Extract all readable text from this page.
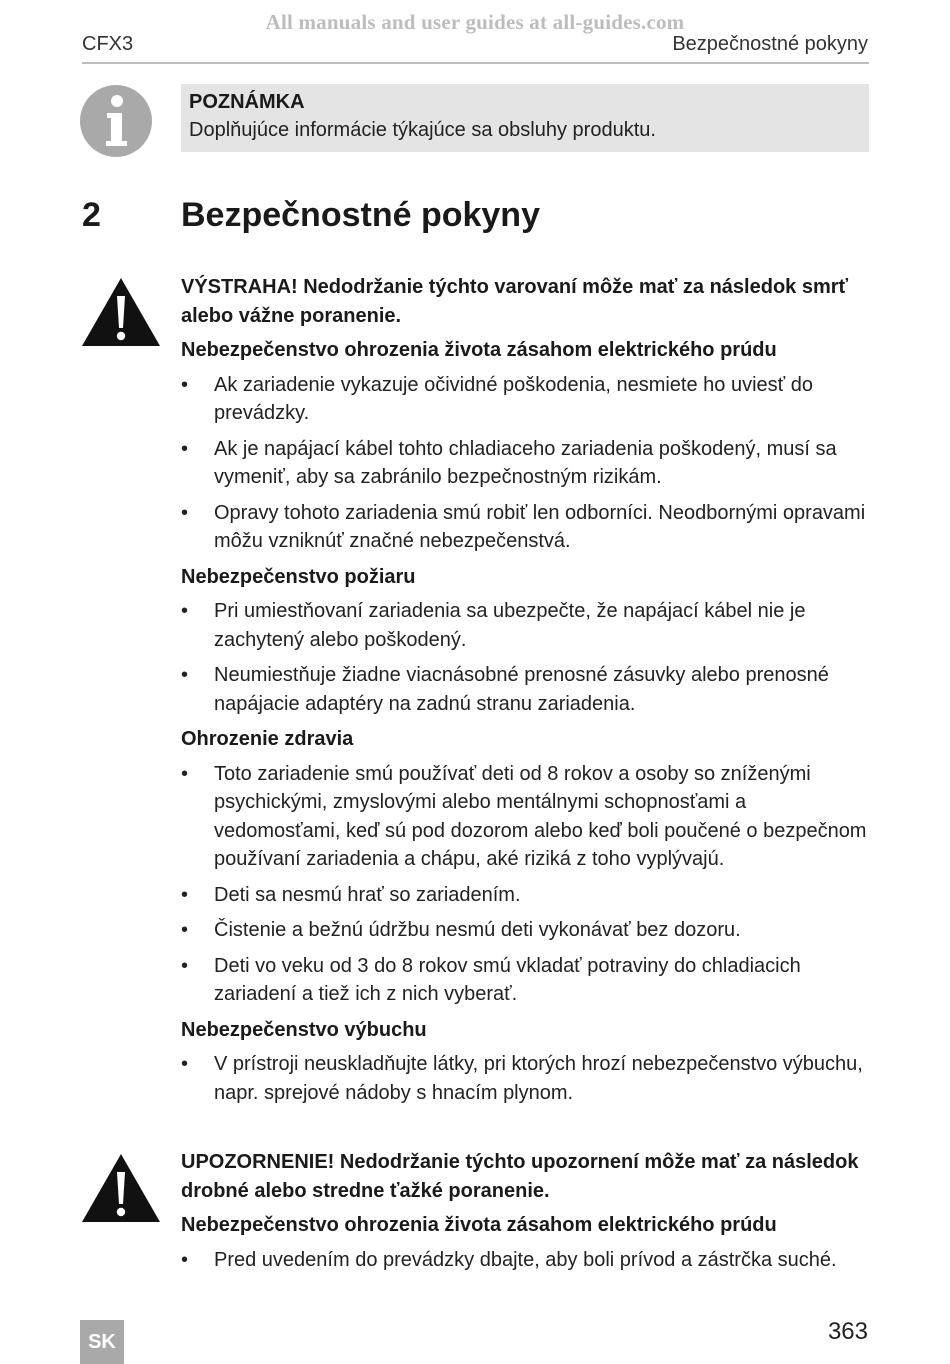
All manuals and user guides at all-guides.com
CFX3	Bezpečnostné pokyny
POZNÁMKA
Doplňujúce informácie týkajúce sa obsluhy produktu.
2 Bezpečnostné pokyny

VÝSTRAHA! Nedodržanie týchto varovaní môže mať za následok smrť alebo vážne poranenie.

Nebezpečenstvo ohrozenia života zásahom elektrického prúdu

• Ak zariadenie vykazuje očividné poškodenia, nesmiete ho uviesť do prevádzky.
• Ak je napájací kábel tohto chladiaceho zariadenia poškodený, musí sa vymeniť, aby sa zabránilo bezpečnostným rizikám.
• Opravy tohoto zariadenia smú robiť len odborníci. Neodbornými opravami môžu vzniknúť značné nebezpečenstvá.

Nebezpečenstvo požiaru

• Pri umiestňovaní zariadenia sa ubezpečte, že napájací kábel nie je zachytený alebo poškodený.
• Neumiestňuje žiadne viacnásobné prenosné zásuvky alebo prenosné napájacie adaptéry na zadnú stranu zariadenia.

Ohrozenie zdravia

• Toto zariadenie smú používať deti od 8 rokov a osoby so zníženými psychickými, zmyslovými alebo mentálnymi schopnosťami a vedomosťami, keď sú pod dozorom alebo keď boli poučené o bezpečnom používaní zariadenia a chápu, aké riziká z toho vyplývajú.
• Deti sa nesmú hrať so zariadením.
• Čistenie a bežnú údržbu nesmú deti vykonávať bez dozoru.
• Deti vo veku od 3 do 8 rokov smú vkladať potraviny do chladiacich zariadení a tiež ich z nich vyberať.

Nebezpečenstvo výbuchu

• V prístroji neuskladňujte látky, pri ktorých hrozí nebezpečenstvo výbuchu, napr. sprejové nádoby s hnacím plynom.

UPOZORNENIE! Nedodržanie týchto upozornení môže mať za následok drobné alebo stredne ťažké poranenie.

Nebezpečenstvo ohrozenia života zásahom elektrického prúdu

• Pred uvedením do prevádzky dbajte, aby boli prívod a zástrčka suché.
SK	363
